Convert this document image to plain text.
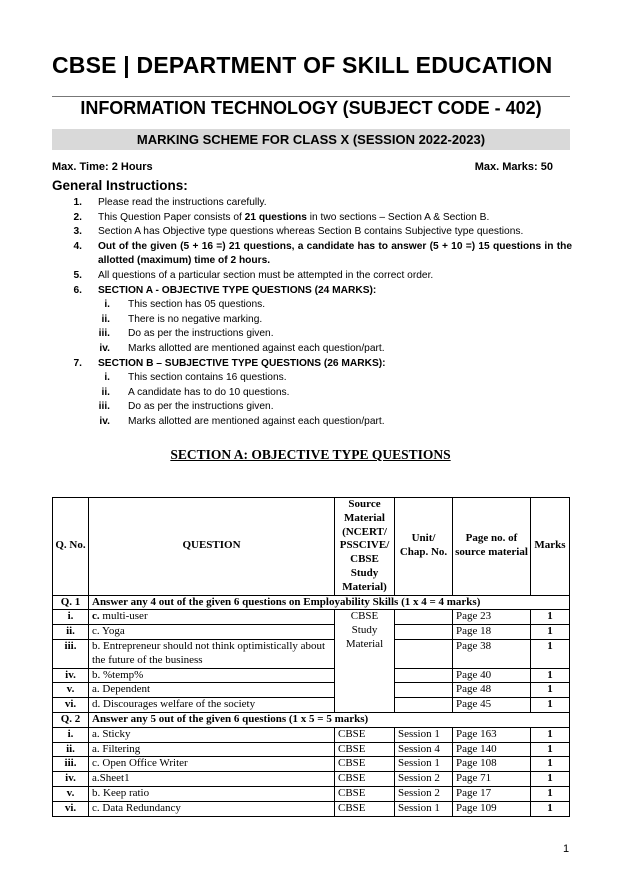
CBSE | DEPARTMENT OF SKILL EDUCATION
INFORMATION TECHNOLOGY (SUBJECT CODE - 402)
MARKING SCHEME FOR CLASS X (SESSION 2022-2023)
Max. Time: 2 Hours	Max. Marks: 50
General Instructions:
1. Please read the instructions carefully.
2. This Question Paper consists of 21 questions in two sections – Section A & Section B.
3. Section A has Objective type questions whereas Section B contains Subjective type questions.
4. Out of the given (5 + 16 =) 21 questions, a candidate has to answer (5 + 10 =) 15 questions in the allotted (maximum) time of 2 hours.
5. All questions of a particular section must be attempted in the correct order.
6. SECTION A - OBJECTIVE TYPE QUESTIONS (24 MARKS):
i. This section has 05 questions.
ii. There is no negative marking.
iii. Do as per the instructions given.
iv. Marks allotted are mentioned against each question/part.
7. SECTION B – SUBJECTIVE TYPE QUESTIONS (26 MARKS):
i. This section contains 16 questions.
ii. A candidate has to do 10 questions.
iii. Do as per the instructions given.
iv. Marks allotted are mentioned against each question/part.
SECTION A: OBJECTIVE TYPE QUESTIONS
Q. No.	QUESTION	Source Material (NCERT/ PSSCIVE/ CBSE Study Material)	Unit/ Chap. No.	Page no. of source material	Marks
Q. 1	Answer any 4 out of the given 6 questions on Employability Skills (1 x 4 = 4 marks)				
i.	c. multi-user	CBSE Study Material		Page 23	1
ii.	c. Yoga			Page 18	1
iii.	b. Entrepreneur should not think optimistically about the future of the business			Page 38	1
iv.	b. %temp%			Page 40	1
v.	a. Dependent			Page 48	1
vi.	d. Discourages welfare of the society			Page 45	1
Q. 2	Answer any 5 out of the given 6 questions (1 x 5 = 5 marks)				
i.	a. Sticky	CBSE	Session 1	Page 163	1
ii.	a. Filtering	CBSE	Session 4	Page 140	1
iii.	c. Open Office Writer	CBSE	Session 1	Page 108	1
iv.	a.Sheet1	CBSE	Session 2	Page 71	1
v.	b. Keep ratio	CBSE	Session 2	Page 17	1
vi.	c. Data Redundancy	CBSE	Session 1	Page 109	1
1
